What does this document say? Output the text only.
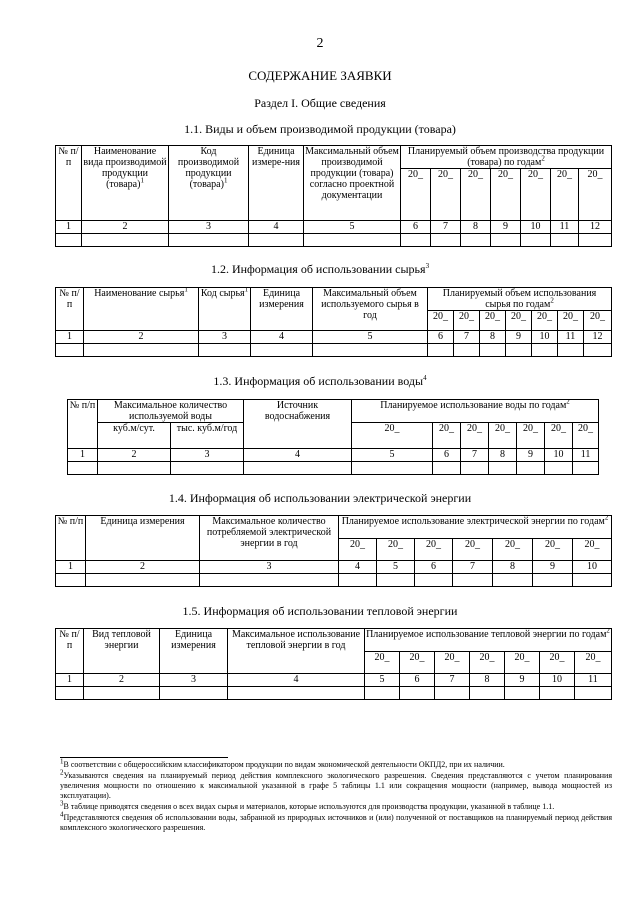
2
СОДЕРЖАНИЕ ЗАЯВКИ
Раздел I. Общие сведения
1.1. Виды и объем производимой продукции (товара)
№ п/п	Наименование вида производимой продукции (товара)$^1$	Код производимой продукции (товара)$^1$	Единица измере-ния	Максимальный объем производимой продукции (товара) согласно проектной документации	Планируемый объем производства продукции (товара) по годам$^2$
					20_	20_	20_	20_	20_	20_	20_
1	2	3	4	5	6	7	8	9	10	11	12

1.2. Информация об использовании сырья$^3$
№ п/п	Наименование сырья$^1$	Код сырья$^1$	Единица измерения	Максимальный объем используемого сырья в год	Планируемый объем использования сырья по годам$^2$
					20_	20_	20_	20_	20_	20_	20_
1	2	3	4	5	6	7	8	9	10	11	12

1.3. Информация об использовании воды$^4$
№ п/п	Максимальное количество используемой воды		Источник водоснабжения	Планируемое использование воды по годам$^2$
	куб.м/сут.	тыс. куб.м/год		20_	20_	20_	20_	20_	20_	20_
1	2	3	4	5	6	7	8	9	10	11

1.4. Информация об использовании электрической энергии
№ п/п	Единица измерения	Максимальное количество потребляемой электрической энергии в год	Планируемое использование электрической энергии по годам$^2$
			20_	20_	20_	20_	20_	20_	20_
1	2	3	4	5	6	7	8	9	10

1.5. Информация об использовании тепловой энергии
№ п/п	Вид тепловой энергии	Единица измерения	Максимальное использование тепловой энергии в год	Планируемое использование тепловой энергии по годам$^2$
				20_	20_	20_	20_	20_	20_	20_
1	2	3	4	5	6	7	8	9	10	11

$^1$В соответствии с общероссийским классификатором продукции по видам экономической деятельности ОКПД2, при их наличии.
$^2$Указываются сведения на планируемый период действия комплексного экологического разрешения. Сведения представляются с учетом планирования увеличения мощности по отношению к максимальной указанной в графе 5 таблицы 1.1 или сокращения мощности (например, вывода мощностей из эксплуатации).
$^3$В таблице приводятся сведения о всех видах сырья и материалов, которые используются для производства продукции, указанной в таблице 1.1.
$^4$Представляются сведения об использовании воды, забранной из природных источников и (или) полученной от поставщиков на планируемый период действия комплексного экологического разрешения.
